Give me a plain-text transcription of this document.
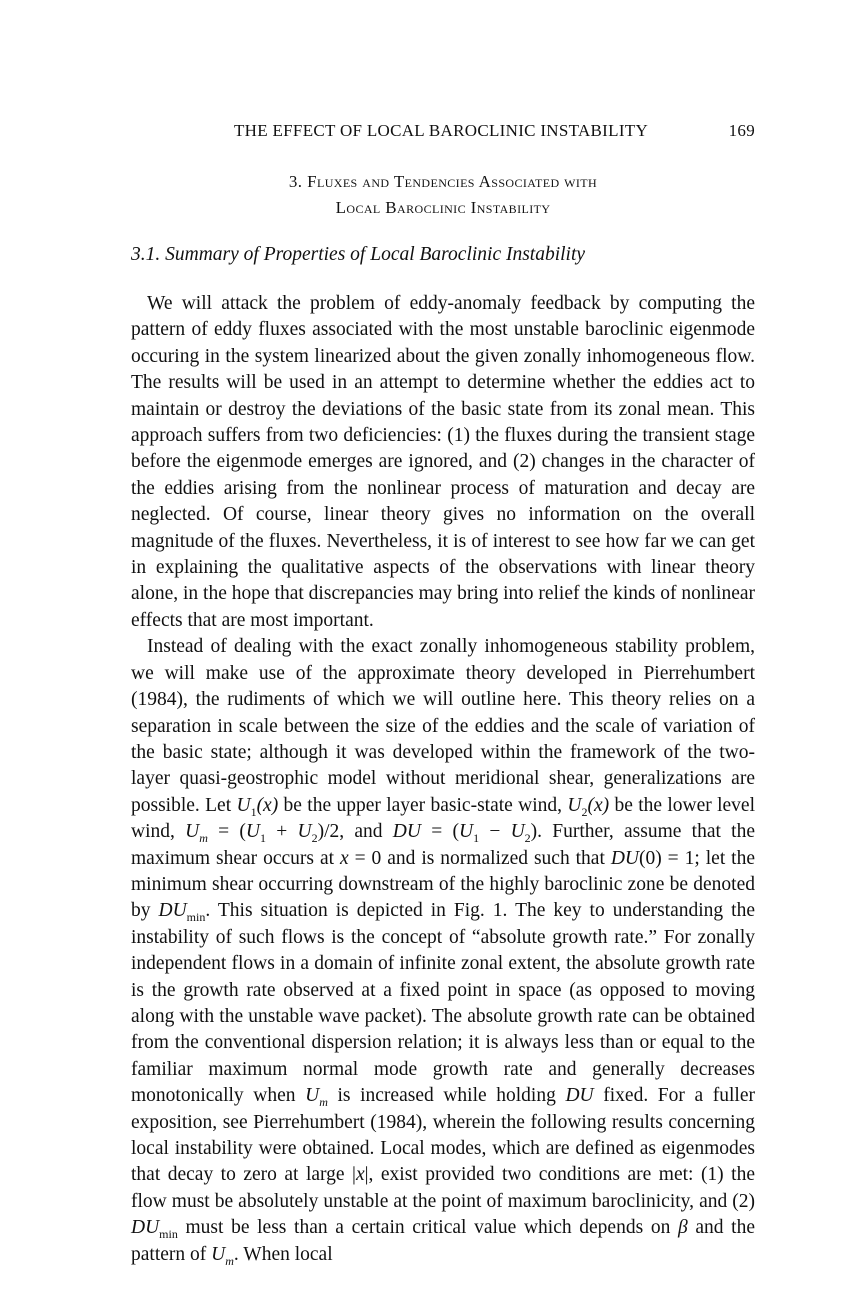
THE EFFECT OF LOCAL BAROCLINIC INSTABILITY	169
3. Fluxes and Tendencies Associated with
Local Baroclinic Instability
3.1. Summary of Properties of Local Baroclinic Instability

We will attack the problem of eddy-anomaly feedback by computing the pattern of eddy fluxes associated with the most unstable baroclinic eigenmode occuring in the system linearized about the given zonally inhomogeneous flow. The results will be used in an attempt to determine whether the eddies act to maintain or destroy the deviations of the basic state from its zonal mean. This approach suffers from two deficiencies: (1) the fluxes during the transient stage before the eigenmode emerges are ignored, and (2) changes in the character of the eddies arising from the nonlinear process of maturation and decay are neglected. Of course, linear theory gives no information on the overall magnitude of the fluxes. Nevertheless, it is of interest to see how far we can get in explaining the qualitative aspects of the observations with linear theory alone, in the hope that discrepancies may bring into relief the kinds of nonlinear effects that are most important.

Instead of dealing with the exact zonally inhomogeneous stability problem, we will make use of the approximate theory developed in Pierrehumbert (1984), the rudiments of which we will outline here. This theory relies on a separation in scale between the size of the eddies and the scale of variation of the basic state; although it was developed within the framework of the two-layer quasi-geostrophic model without meridional shear, generalizations are possible. Let $U_1(x)$ be the upper layer basic-state wind, $U_2(x)$ be the lower level wind, $U_m = (U_1 + U_2)/2$, and DU = $(U_1 - U_2)$. Further, assume that the maximum shear occurs at x = 0 and is normalized such that DU(0) = 1; let the minimum shear occurring downstream of the highly baroclinic zone be denoted by $DU_{min}$. This situation is depicted in Fig. 1. The key to understanding the instability of such flows is the concept of “absolute growth rate.” For zonally independent flows in a domain of infinite zonal extent, the absolute growth rate is the growth rate observed at a fixed point in space (as opposed to moving along with the unstable wave packet). The absolute growth rate can be obtained from the conventional dispersion relation; it is always less than or equal to the familiar maximum normal mode growth rate and generally decreases monotonically when $U_m$ is increased while holding DU fixed. For a fuller exposition, see Pierrehumbert (1984), wherein the following results concerning local instability were obtained. Local modes, which are defined as eigenmodes that decay to zero at large |x|, exist provided two conditions are met: (1) the flow must be absolutely unstable at the point of maximum baroclinicity, and (2) $DU_{min}$ must be less than a certain critical value which depends on β and the pattern of $U_m$. When local
